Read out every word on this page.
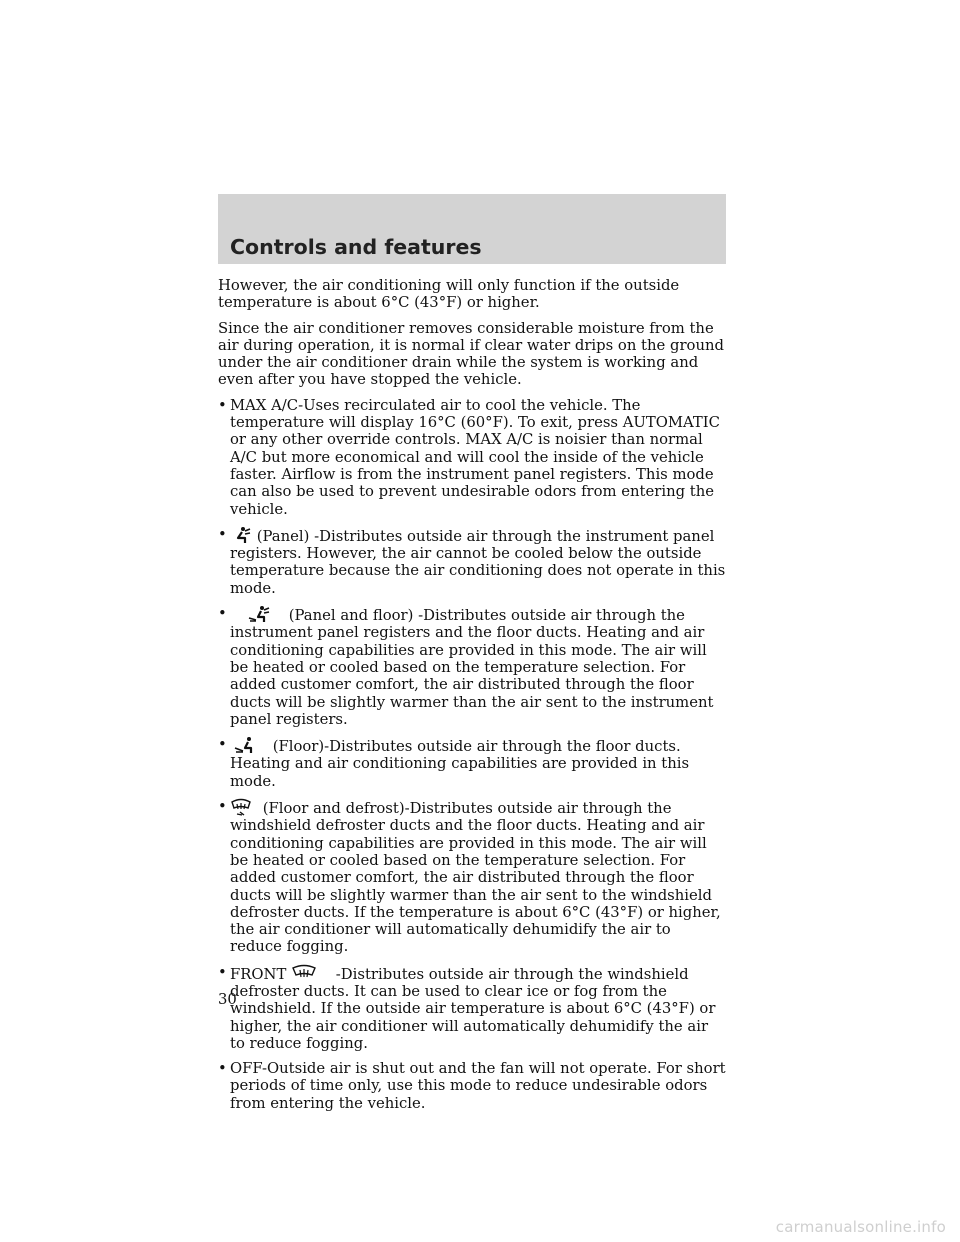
Controls and features

However, the air conditioning will only function if the outside temperature is about 6°C (43°F) or higher.

Since the air conditioner removes considerable moisture from the air during operation, it is normal if clear water drips on the ground under the air conditioner drain while the system is working and even after you have stopped the vehicle.

• MAX A/C-Uses recirculated air to cool the vehicle. The temperature will display 16°C (60°F). To exit, press AUTOMATIC or any other override controls. MAX A/C is noisier than normal A/C but more economical and will cool the inside of the vehicle faster. Airflow is from the instrument panel registers. This mode can also be used to prevent undesirable odors from entering the vehicle.
• (Panel) -Distributes outside air through the instrument panel registers. However, the air cannot be cooled below the outside temperature because the air conditioning does not operate in this mode.
•	(Panel and floor) -Distributes outside air through the instrument panel registers and the floor ducts. Heating and air conditioning capabilities are provided in this mode. The air will be heated or cooled based on the temperature selection. For added customer comfort, the air distributed through the floor ducts will be slightly warmer than the air sent to the instrument panel registers.
•	(Floor)-Distributes outside air through the floor ducts. Heating and air conditioning capabilities are provided in this mode.
• (Floor and defrost)-Distributes outside air through the windshield defroster ducts and the floor ducts. Heating and air conditioning capabilities are provided in this mode. The air will be heated or cooled based on the temperature selection. For added customer comfort, the air distributed through the floor ducts will be slightly warmer than the air sent to the windshield defroster ducts. If the temperature is about 6°C (43°F) or higher, the air conditioner will automatically dehumidify the air to reduce fogging.
• FRONT	-Distributes outside air through the windshield defroster ducts. It can be used to clear ice or fog from the windshield. If the outside air temperature is about 6°C (43°F) or higher, the air conditioner will automatically dehumidify the air to reduce fogging.
• OFF-Outside air is shut out and the fan will not operate. For short periods of time only, use this mode to reduce undesirable odors from entering the vehicle.
30
carmanualsonline.info
